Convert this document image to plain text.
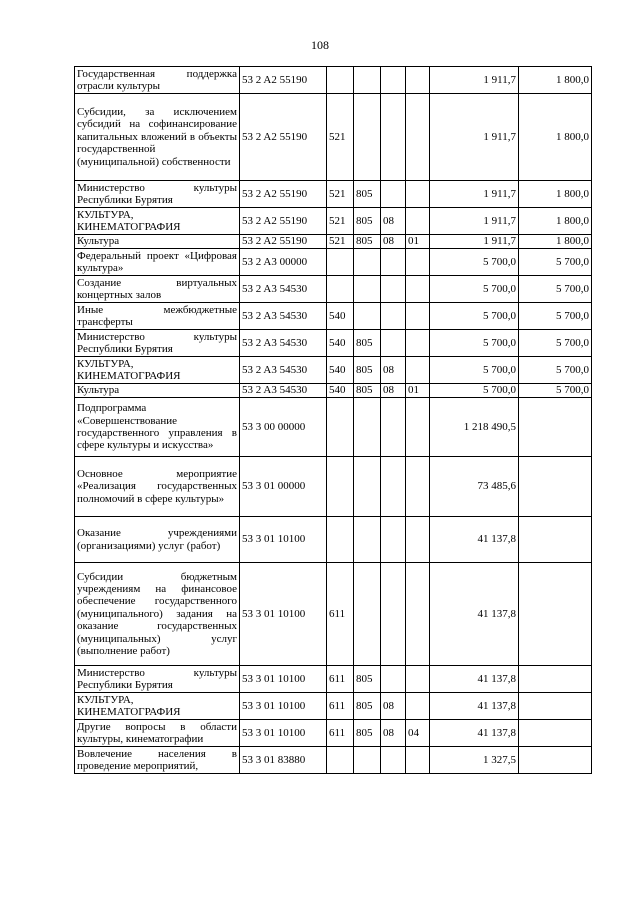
108
Государственная поддержка отрасли культуры	53 2 A2 55190					1 911,7	1 800,0
Субсидии, за исключением субсидий на софинансирование капитальных вложений в объекты государственной (муниципальной) собственности	53 2 A2 55190	521				1 911,7	1 800,0
Министерство культуры Республики Бурятия	53 2 A2 55190	521	805			1 911,7	1 800,0
КУЛЬТУРА, КИНЕМАТОГРАФИЯ	53 2 A2 55190	521	805	08		1 911,7	1 800,0
Культура	53 2 A2 55190	521	805	08	01	1 911,7	1 800,0
Федеральный проект «Цифровая культура»	53 2 A3 00000					5 700,0	5 700,0
Создание виртуальных концертных залов	53 2 A3 54530					5 700,0	5 700,0
Иные межбюджетные трансферты	53 2 A3 54530	540				5 700,0	5 700,0
Министерство культуры Республики Бурятия	53 2 A3 54530	540	805			5 700,0	5 700,0
КУЛЬТУРА, КИНЕМАТОГРАФИЯ	53 2 A3 54530	540	805	08		5 700,0	5 700,0
Культура	53 2 A3 54530	540	805	08	01	5 700,0	5 700,0
Подпрограмма «Совершенствование государственного управления в сфере культуры и искусства»	53 3 00 00000					1 218 490,5	
Основное мероприятие «Реализация государственных полномочий в сфере культуры»	53 3 01 00000					73 485,6	
Оказание учреждениями (организациями) услуг (работ)	53 3 01 10100					41 137,8	
Субсидии бюджетным учреждениям на финансовое обеспечение государственного (муниципального) задания на оказание государственных (муниципальных) услуг (выполнение работ)	53 3 01 10100	611				41 137,8	
Министерство культуры Республики Бурятия	53 3 01 10100	611	805			41 137,8	
КУЛЬТУРА, КИНЕМАТОГРАФИЯ	53 3 01 10100	611	805	08		41 137,8	
Другие вопросы в области культуры, кинематографии	53 3 01 10100	611	805	08	04	41 137,8	
Вовлечение населения в проведение мероприятий,	53 3 01 83880					1 327,5	
